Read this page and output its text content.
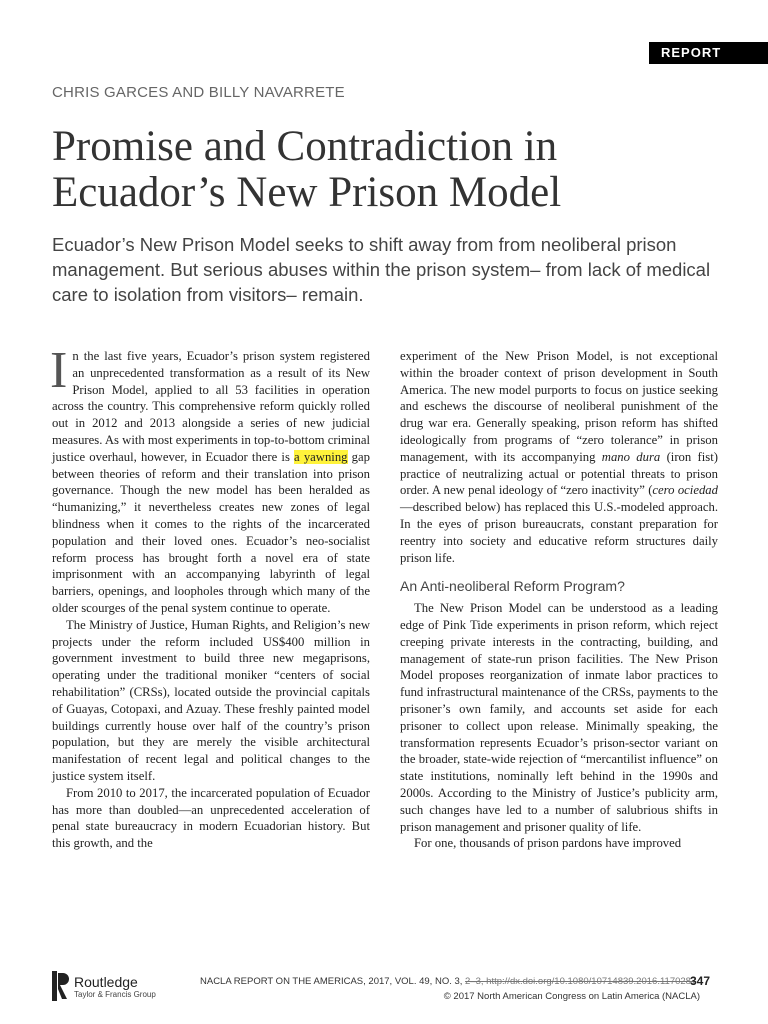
REPORT
CHRIS GARCES AND BILLY NAVARRETE
Promise and Contradiction in Ecuador’s New Prison Model
Ecuador’s New Prison Model seeks to shift away from from neoliberal prison management. But serious abuses within the prison system– from lack of medical care to isolation from visitors– remain.

In the last five years, Ecuador’s prison system registered an unprecedented transformation as a result of its New Prison Model, applied to all 53 facilities in operation across the country. This comprehensive reform quickly rolled out in 2012 and 2013 alongside a series of new judicial measures. As with most experiments in top-to-bottom criminal justice overhaul, however, in Ecuador there is a yawning gap between theories of reform and their translation into prison governance. Though the new model has been heralded as “humanizing,” it nevertheless creates new zones of legal blindness when it comes to the rights of the incarcerated population and their loved ones. Ecuador’s neo-socialist reform process has brought forth a novel era of state imprisonment with an accompanying labyrinth of legal barriers, openings, and loopholes through which many of the older scourges of the penal system continue to operate.

The Ministry of Justice, Human Rights, and Religion’s new projects under the reform included US$400 million in government investment to build three new megaprisons, operating under the traditional moniker “centers of social rehabilitation” (CRSs), located outside the provincial capitals of Guayas, Cotopaxi, and Azuay. These freshly painted model buildings currently house over half of the country’s prison population, but they are merely the visible architectural manifestation of recent legal and political changes to the justice system itself.

From 2010 to 2017, the incarcerated population of Ecuador has more than doubled—an unprecedented acceleration of penal state bureaucracy in modern Ecuadorian history. But this growth, and the

experiment of the New Prison Model, is not exceptional within the broader context of prison development in South America. The new model purports to focus on justice seeking and eschews the discourse of neoliberal punishment of the drug war era. Generally speaking, prison reform has shifted ideologically from programs of “zero tolerance” in prison management, with its accompanying mano dura (iron fist) practice of neutralizing actual or potential threats to prison order. A new penal ideology of “zero inactivity” (cero ociedad—described below) has replaced this U.S.-modeled approach. In the eyes of prison bureaucrats, constant preparation for reentry into society and educative reform structures daily prison life.

An Anti-neoliberal Reform Program?

The New Prison Model can be understood as a leading edge of Pink Tide experiments in prison reform, which reject creeping private interests in the contracting, building, and management of state-run prison facilities. The New Prison Model proposes reorganization of inmate labor practices to fund infrastructural maintenance of the CRSs, payments to the prisoner’s own family, and accounts set aside for each prisoner to collect upon release. Minimally speaking, the transformation represents Ecuador’s prison-sector variant on the broader, state-wide rejection of “mercantilist influence” on state institutions, nominally left behind in the 1990s and 2000s. According to the Ministry of Justice’s publicity arm, such changes have led to a number of salubrious shifts in prison management and prisoner quality of life.

For one, thousands of prison pardons have improved

Routledge
Taylor & Francis Group
NACLA REPORT ON THE AMERICAS, 2017, VOL. 49, NO. 3, 2–3, http://dx.doi.org/10.1080/10714839.2016.1170287
© 2017 North American Congress on Latin America (NACLA)
347
